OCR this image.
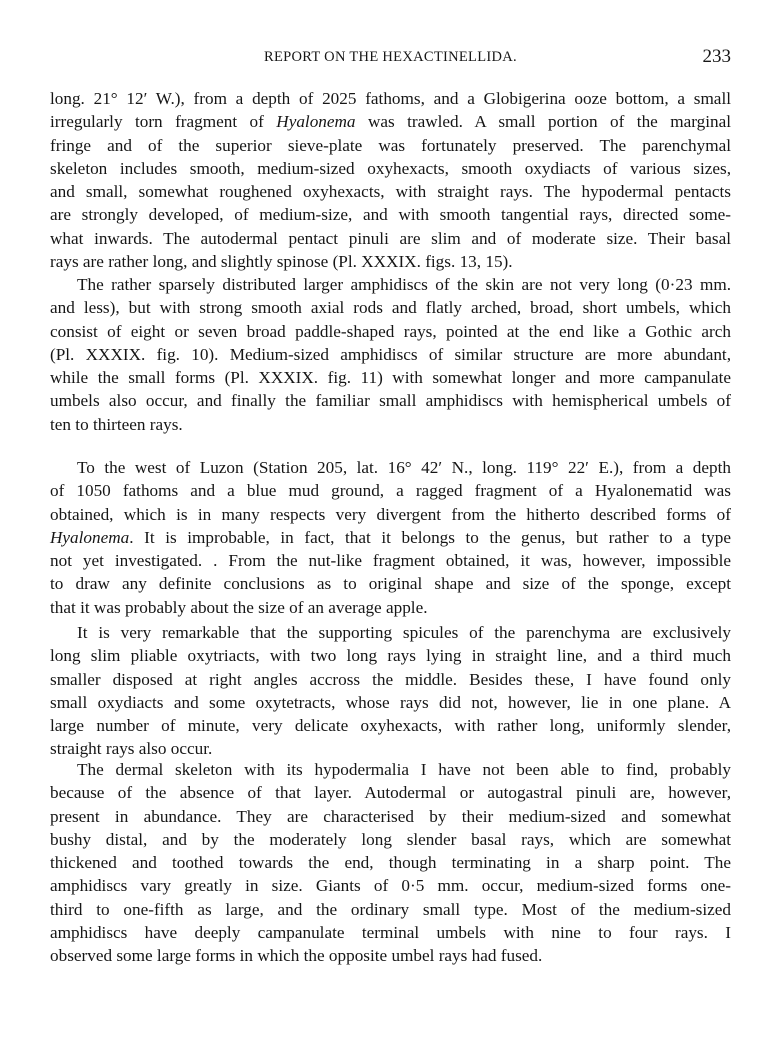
REPORT ON THE HEXACTINELLIDA.	233
long. 21° 12′ W.), from a depth of 2025 fathoms, and a Globigerina ooze bottom, a small
irregularly torn fragment of Hyalonema was trawled. A small portion of the marginal
fringe and of the superior sieve-plate was fortunately preserved. The parenchymal
skeleton includes smooth, medium-sized oxyhexacts, smooth oxydiacts of various sizes,
and small, somewhat roughened oxyhexacts, with straight rays. The hypodermal pentacts
are strongly developed, of medium-size, and with smooth tangential rays, directed some-
what inwards. The autodermal pentact pinuli are slim and of moderate size. Their basal
rays are rather long, and slightly spinose (Pl. XXXIX. figs. 13, 15).
The rather sparsely distributed larger amphidiscs of the skin are not very long (0·23 mm.
and less), but with strong smooth axial rods and flatly arched, broad, short umbels, which
consist of eight or seven broad paddle-shaped rays, pointed at the end like a Gothic arch
(Pl. XXXIX. fig. 10). Medium-sized amphidiscs of similar structure are more abundant,
while the small forms (Pl. XXXIX. fig. 11) with somewhat longer and more campanulate
umbels also occur, and finally the familiar small amphidiscs with hemispherical umbels of
ten to thirteen rays.
To the west of Luzon (Station 205, lat. 16° 42′ N., long. 119° 22′ E.), from a depth
of 1050 fathoms and a blue mud ground, a ragged fragment of a Hyalonematid was
obtained, which is in many respects very divergent from the hitherto described forms of
Hyalonema. It is improbable, in fact, that it belongs to the genus, but rather to a type
not yet investigated. . From the nut-like fragment obtained, it was, however, impossible
to draw any definite conclusions as to original shape and size of the sponge, except
that it was probably about the size of an average apple.
It is very remarkable that the supporting spicules of the parenchyma are exclusively
long slim pliable oxytriacts, with two long rays lying in straight line, and a third much
smaller disposed at right angles accross the middle. Besides these, I have found only
small oxydiacts and some oxytetracts, whose rays did not, however, lie in one plane. A
large number of minute, very delicate oxyhexacts, with rather long, uniformly slender,
straight rays also occur.
The dermal skeleton with its hypodermalia I have not been able to find, probably
because of the absence of that layer. Autodermal or autogastral pinuli are, however,
present in abundance. They are characterised by their medium-sized and somewhat
bushy distal, and by the moderately long slender basal rays, which are somewhat
thickened and toothed towards the end, though terminating in a sharp point. The
amphidiscs vary greatly in size. Giants of 0·5 mm. occur, medium-sized forms one-
third to one-fifth as large, and the ordinary small type. Most of the medium-sized
amphidiscs have deeply campanulate terminal umbels with nine to four rays. I
observed some large forms in which the opposite umbel rays had fused.
